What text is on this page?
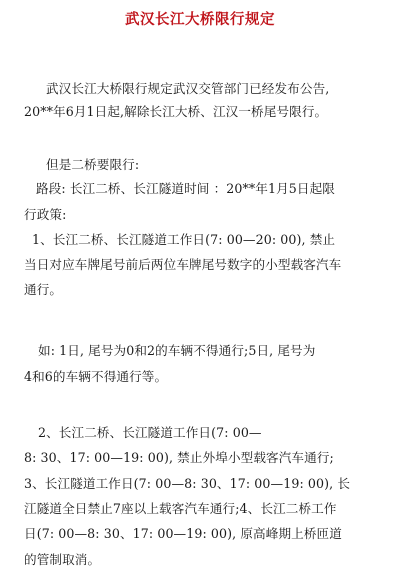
武汉长江大桥限行规定
武汉长江大桥限行规定武汉交管部门已经发布公告,
20**年6月1日起,解除长江大桥、江汉一桥尾号限行。
但是二桥要限行:
路段: 长江二桥、长江隧道时间 ：20**年1月5日起限
行政策:
1、长江二桥、长江隧道工作日(7: 00—20: 00), 禁止
当日对应车牌尾号前后两位车牌尾号数字的小型载客汽车
通行。
如: 1日, 尾号为0和2的车辆不得通行;5日, 尾号为
4和6的车辆不得通行等。
2、长江二桥、长江隧道工作日(7: 00—
8: 30、17: 00—19: 00), 禁止外埠小型载客汽车通行;
3、长江隧道工作日(7: 00—8: 30、17: 00—19: 00), 长
江隧道全日禁止7座以上载客汽车通行;4、长江二桥工作
日(7: 00—8: 30、17: 00—19: 00), 原高峰期上桥匝道
的管制取消。
